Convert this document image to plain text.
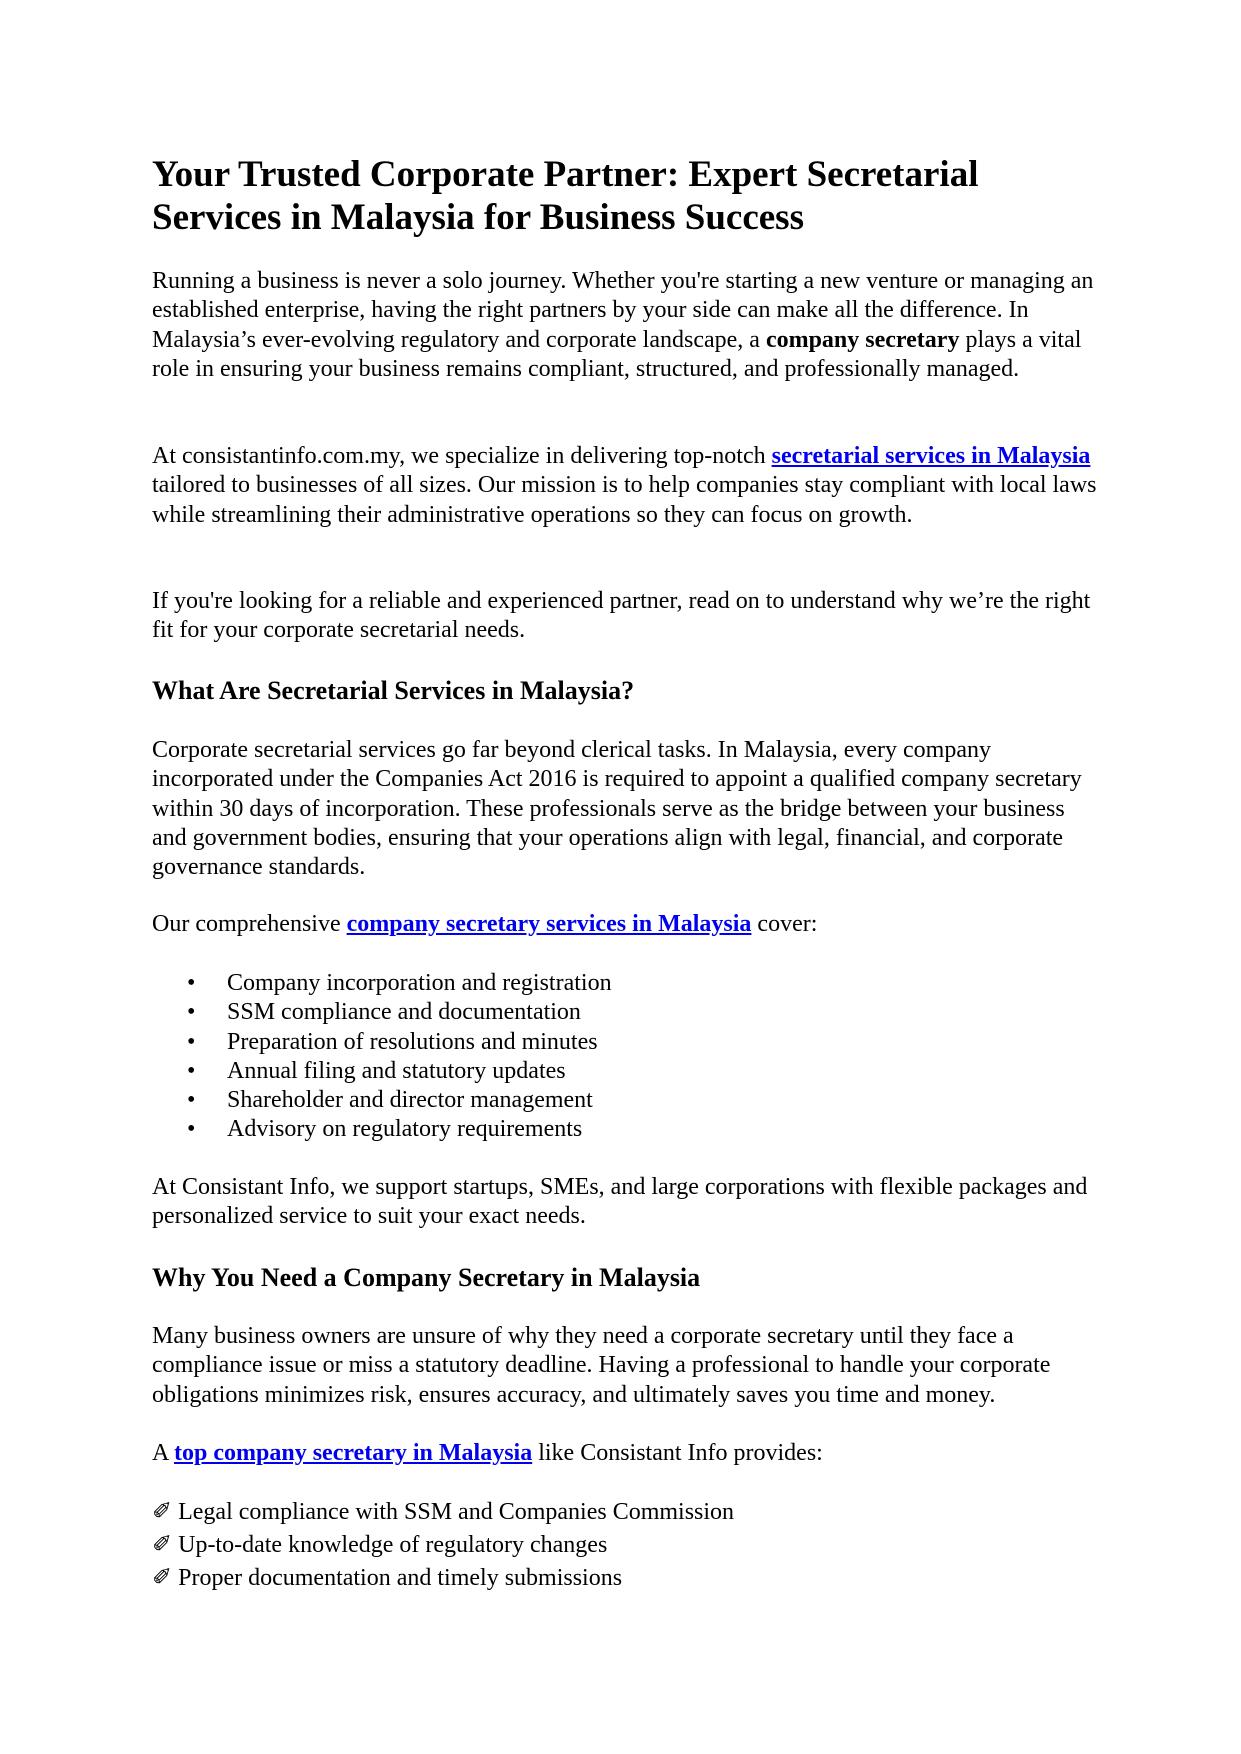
Your Trusted Corporate Partner: Expert Secretarial Services in Malaysia for Business Success

Running a business is never a solo journey. Whether you're starting a new venture or managing an established enterprise, having the right partners by your side can make all the difference. In Malaysia’s ever-evolving regulatory and corporate landscape, a company secretary plays a vital role in ensuring your business remains compliant, structured, and professionally managed.

At consistantinfo.com.my, we specialize in delivering top-notch secretarial services in Malaysia tailored to businesses of all sizes. Our mission is to help companies stay compliant with local laws while streamlining their administrative operations so they can focus on growth.

If you're looking for a reliable and experienced partner, read on to understand why we’re the right fit for your corporate secretarial needs.

What Are Secretarial Services in Malaysia?

Corporate secretarial services go far beyond clerical tasks. In Malaysia, every company incorporated under the Companies Act 2016 is required to appoint a qualified company secretary within 30 days of incorporation. These professionals serve as the bridge between your business and government bodies, ensuring that your operations align with legal, financial, and corporate governance standards.

Our comprehensive company secretary services in Malaysia cover:

• Company incorporation and registration
• SSM compliance and documentation
• Preparation of resolutions and minutes
• Annual filing and statutory updates
• Shareholder and director management
• Advisory on regulatory requirements

At Consistant Info, we support startups, SMEs, and large corporations with flexible packages and personalized service to suit your exact needs.

Why You Need a Company Secretary in Malaysia

Many business owners are unsure of why they need a corporate secretary until they face a compliance issue or miss a statutory deadline. Having a professional to handle your corporate obligations minimizes risk, ensures accuracy, and ultimately saves you time and money.

A top company secretary in Malaysia like Consistant Info provides:

✐ Legal compliance with SSM and Companies Commission
✐ Up-to-date knowledge of regulatory changes
✐ Proper documentation and timely submissions
